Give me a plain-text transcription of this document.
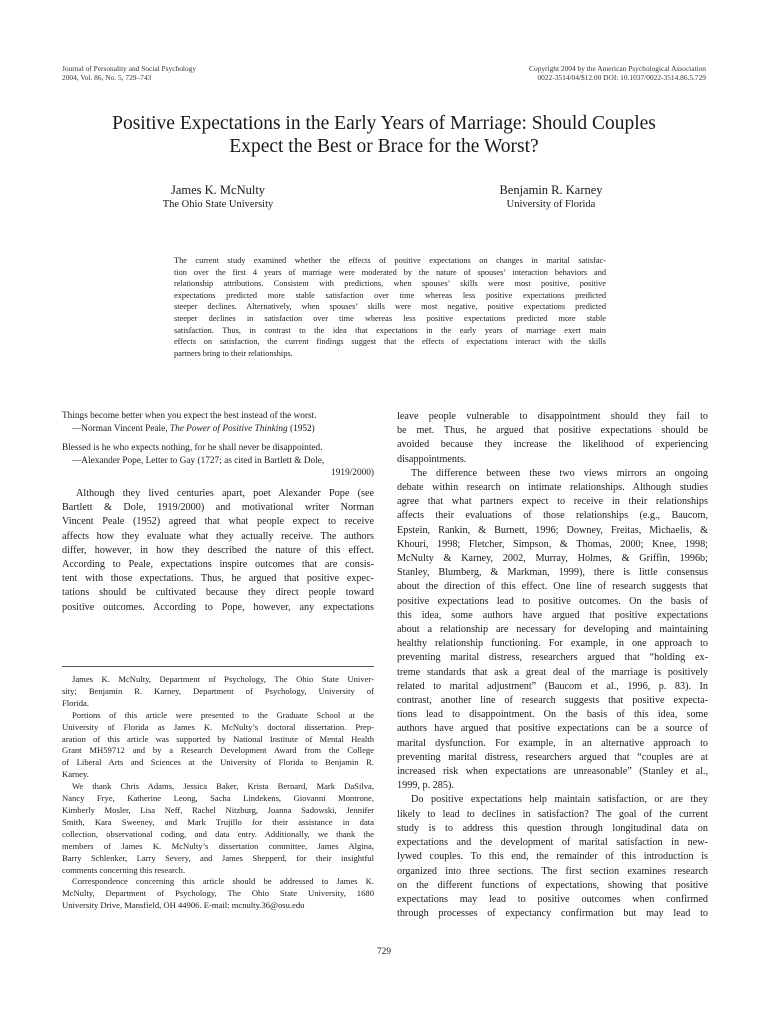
Journal of Personality and Social Psychology
2004, Vol. 86, No. 5, 729–743
Copyright 2004 by the American Psychological Association
0022-3514/04/$12.00 DOI: 10.1037/0022-3514.86.5.729
Positive Expectations in the Early Years of Marriage: Should Couples
Expect the Best or Brace for the Worst?
James K. McNulty
The Ohio State University
Benjamin R. Karney
University of Florida
The current study examined whether the effects of positive expectations on changes in marital satisfac-
tion over the first 4 years of marriage were moderated by the nature of spouses’ interaction behaviors and
relationship attributions. Consistent with predictions, when spouses’ skills were most positive, positive
expectations predicted more stable satisfaction over time whereas less positive expectations predicted
steeper declines. Alternatively, when spouses’ skills were most negative, positive expectations predicted
steeper declines in satisfaction over time whereas less positive expectations predicted more stable
satisfaction. Thus, in contrast to the idea that expectations in the early years of marriage exert main
effects on satisfaction, the current findings suggest that the effects of expectations interact with the skills
partners bring to their relationships.
Things become better when you expect the best instead of the worst.
—Norman Vincent Peale, The Power of Positive Thinking (1952)
Blessed is he who expects nothing, for he shall never be disappointed.
—Alexander Pope, Letter to Gay (1727; as cited in Bartlett & Dole,
1919/2000)
Although they lived centuries apart, poet Alexander Pope (see
Bartlett & Dole, 1919/2000) and motivational writer Norman
Vincent Peale (1952) agreed that what people expect to receive
affects how they evaluate what they actually receive. The authors
differ, however, in how they described the nature of this effect.
According to Peale, expectations inspire outcomes that are consis-
tent with those expectations. Thus, he argued that positive expec-
tations should be cultivated because they direct people toward
positive outcomes. According to Pope, however, any expectations
James K. McNulty, Department of Psychology, The Ohio State Univer-
sity; Benjamin R. Karney, Department of Psychology, University of
Florida.
Portions of this article were presented to the Graduate School at the
University of Florida as James K. McNulty’s doctoral dissertation. Prep-
aration of this article was supported by National Institute of Mental Health
Grant MH59712 and by a Research Development Award from the College
of Liberal Arts and Sciences at the University of Florida to Benjamin R.
Karney.
We thank Chris Adams, Jessica Baker, Krista Bernard, Mark DaSilva,
Nancy Frye, Katherine Leong, Sacha Lindekens, Giovanni Montrone,
Kimberly Mosler, Lisa Neff, Rachel Nitzburg, Joanna Sadowski, Jennifer
Smith, Kara Sweeney, and Mark Trujillo for their assistance in data
collection, observational coding, and data entry. Additionally, we thank the
members of James K. McNulty’s dissertation committee, James Algina,
Barry Schlenker, Larry Severy, and James Shepperd, for their insightful
comments concerning this research.
Correspondence concerning this article should be addressed to James K.
McNulty, Department of Psychology, The Ohio State University, 1680
University Drive, Mansfield, OH 44906. E-mail: mcnulty.36@osu.edu
leave people vulnerable to disappointment should they fail to
be met. Thus, he argued that positive expectations should be
avoided because they increase the likelihood of experiencing
disappointments.
The difference between these two views mirrors an ongoing
debate within research on intimate relationships. Although studies
agree that what partners expect to receive in their relationships
affects their evaluations of those relationships (e.g., Baucom,
Epstein, Rankin, & Burnett, 1996; Downey, Freitas, Michaelis, &
Khouri, 1998; Fletcher, Simpson, & Thomas, 2000; Knee, 1998;
McNulty & Karney, 2002, Murray, Holmes, & Griffin, 1996b;
Stanley, Blumberg, & Markman, 1999), there is little consensus
about the direction of this effect. One line of research suggests that
positive expectations lead to positive outcomes. On the basis of
this idea, some authors have argued that positive expectations
about a relationship are necessary for developing and maintaining
healthy relationship functioning. For example, in one approach to
preventing marital distress, researchers argued that “holding ex-
treme standards that ask a great deal of the marriage is positively
related to marital adjustment” (Baucom et al., 1996, p. 83). In
contrast, another line of research suggests that positive expecta-
tions lead to disappointment. On the basis of this idea, some
authors have argued that positive expectations can be a source of
marital dysfunction. For example, in an alternative approach to
preventing marital distress, researchers argued that “couples are at
increased risk when expectations are unreasonable” (Stanley et al.,
1999, p. 285).
Do positive expectations help maintain satisfaction, or are they
likely to lead to declines in satisfaction? The goal of the current
study is to address this question through longitudinal data on
expectations and the development of marital satisfaction in new-
lywed couples. To this end, the remainder of this introduction is
organized into three sections. The first section examines research
on the different functions of expectations, showing that positive
expectations may lead to positive outcomes when confirmed
through processes of expectancy confirmation but may lead to
729
